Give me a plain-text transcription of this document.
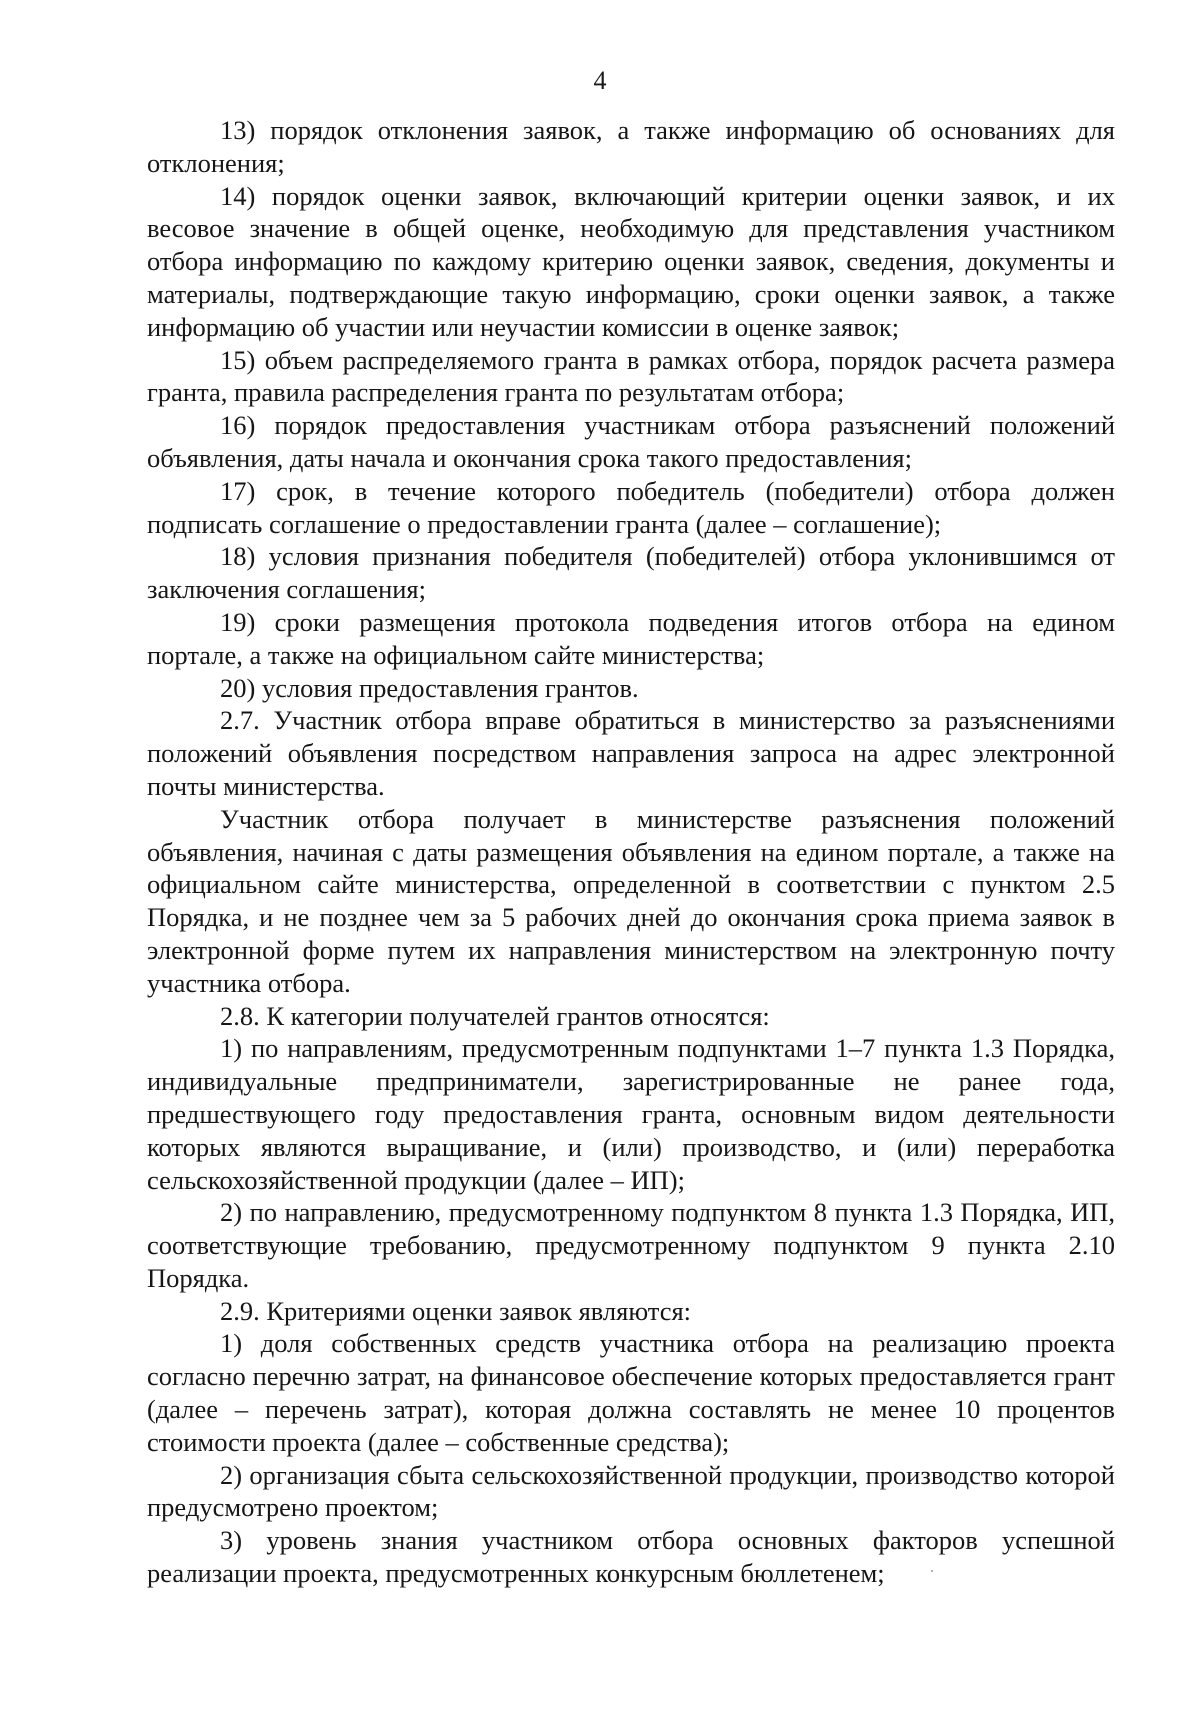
4

13) порядок отклонения заявок, а также информацию об основаниях для отклонения;

14) порядок оценки заявок, включающий критерии оценки заявок, и их весовое значение в общей оценке, необходимую для представления участником отбора информацию по каждому критерию оценки заявок, сведения, документы и материалы, подтверждающие такую информацию, сроки оценки заявок, а также информацию об участии или неучастии комиссии в оценке заявок;

15) объем распределяемого гранта в рамках отбора, порядок расчета размера гранта, правила распределения гранта по результатам отбора;

16) порядок предоставления участникам отбора разъяснений положений объявления, даты начала и окончания срока такого предоставления;

17) срок, в течение которого победитель (победители) отбора должен подписать соглашение о предоставлении гранта (далее – соглашение);

18) условия признания победителя (победителей) отбора уклонившимся от заключения соглашения;

19) сроки размещения протокола подведения итогов отбора на едином портале, а также на официальном сайте министерства;

20) условия предоставления грантов.

2.7. Участник отбора вправе обратиться в министерство за разъяснениями положений объявления посредством направления запроса на адрес электронной почты министерства.

Участник отбора получает в министерстве разъяснения положений объявления, начиная с даты размещения объявления на едином портале, а также на официальном сайте министерства, определенной в соответствии с пунктом 2.5 Порядка, и не позднее чем за 5 рабочих дней до окончания срока приема заявок в электронной форме путем их направления министерством на электронную почту участника отбора.

2.8. К категории получателей грантов относятся:

1) по направлениям, предусмотренным подпунктами 1–7 пункта 1.3 Порядка, индивидуальные предприниматели, зарегистрированные не ранее года, предшествующего году предоставления гранта, основным видом деятельности которых являются выращивание, и (или) производство, и (или) переработка сельскохозяйственной продукции (далее – ИП);

2) по направлению, предусмотренному подпунктом 8 пункта 1.3 Порядка, ИП, соответствующие требованию, предусмотренному подпунктом 9 пункта 2.10 Порядка.

2.9. Критериями оценки заявок являются:

1) доля собственных средств участника отбора на реализацию проекта согласно перечню затрат, на финансовое обеспечение которых предоставляется грант (далее – перечень затрат), которая должна составлять не менее 10 процентов стоимости проекта (далее – собственные средства);

2) организация сбыта сельскохозяйственной продукции, производство которой предусмотрено проектом;

3) уровень знания участником отбора основных факторов успешной реализации проекта, предусмотренных конкурсным бюллетенем;
